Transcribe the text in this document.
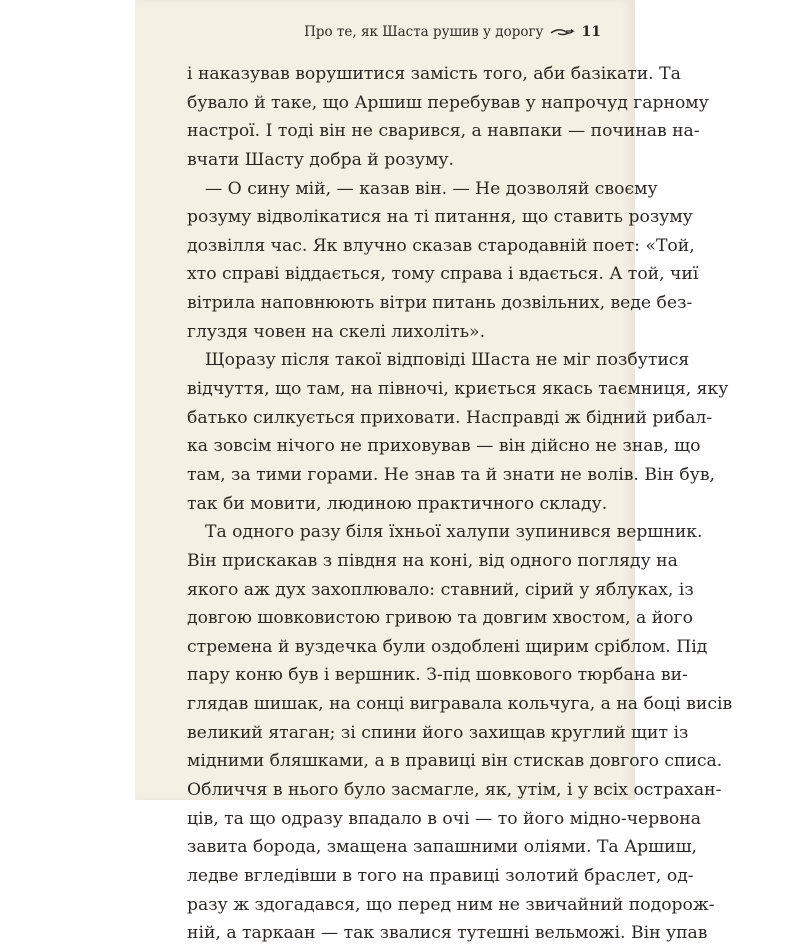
Про те, як Шаста рушив у дорогу	11
і наказував ворушитися замість того, аби базікати. Та
бувало й таке, що Аршиш перебував у напрочуд гарному
настрої. І тоді він не сварився, а навпаки — починав на-
вчати Шасту добра й розуму.
— О сину мій, — казав він. — Не дозволяй своєму
розуму відволікатися на ті питання, що ставить розуму
дозвілля час. Як влучно сказав стародавній поет: «Той,
хто справі віддається, тому справа і вдається. А той, чиї
вітрила наповнюють вітри питань дозвільних, веде без-
глуздя човен на скелі лихоліть».
Щоразу після такої відповіді Шаста не міг позбутися
відчуття, що там, на півночі, криється якась таємниця, яку
батько силкується приховати. Насправді ж бідний рибал-
ка зовсім нічого не приховував — він дійсно не знав, що
там, за тими горами. Не знав та й знати не волів. Він був,
так би мовити, людиною практичного складу.
Та одного разу біля їхньої халупи зупинився вершник.
Він прискакав з півдня на коні, від одного погляду на
якого аж дух захоплювало: ставний, сірий у яблуках, із
довгою шовковистою гривою та довгим хвостом, а його
стремена й вуздечка були оздоблені щирим сріблом. Під
пару коню був і вершник. З-під шовкового тюрбана ви-
глядав шишак, на сонці вигравала кольчуга, а на боці висів
великий ятаган; зі спини його захищав круглий щит із
мідними бляшками, а в правиці він стискав довгого списа.
Обличчя в нього було засмагле, як, утім, і у всіх острахан-
ців, та що одразу впадало в очі — то його мідно-червона
завита борода, змащена запашними оліями. Та Аршиш,
ледве вгледівши в того на правиці золотий браслет, од-
разу ж здогадався, що перед ним не звичайний подорож-
ній, а таркаан — так звалися тутешні вельможі. Він упав
